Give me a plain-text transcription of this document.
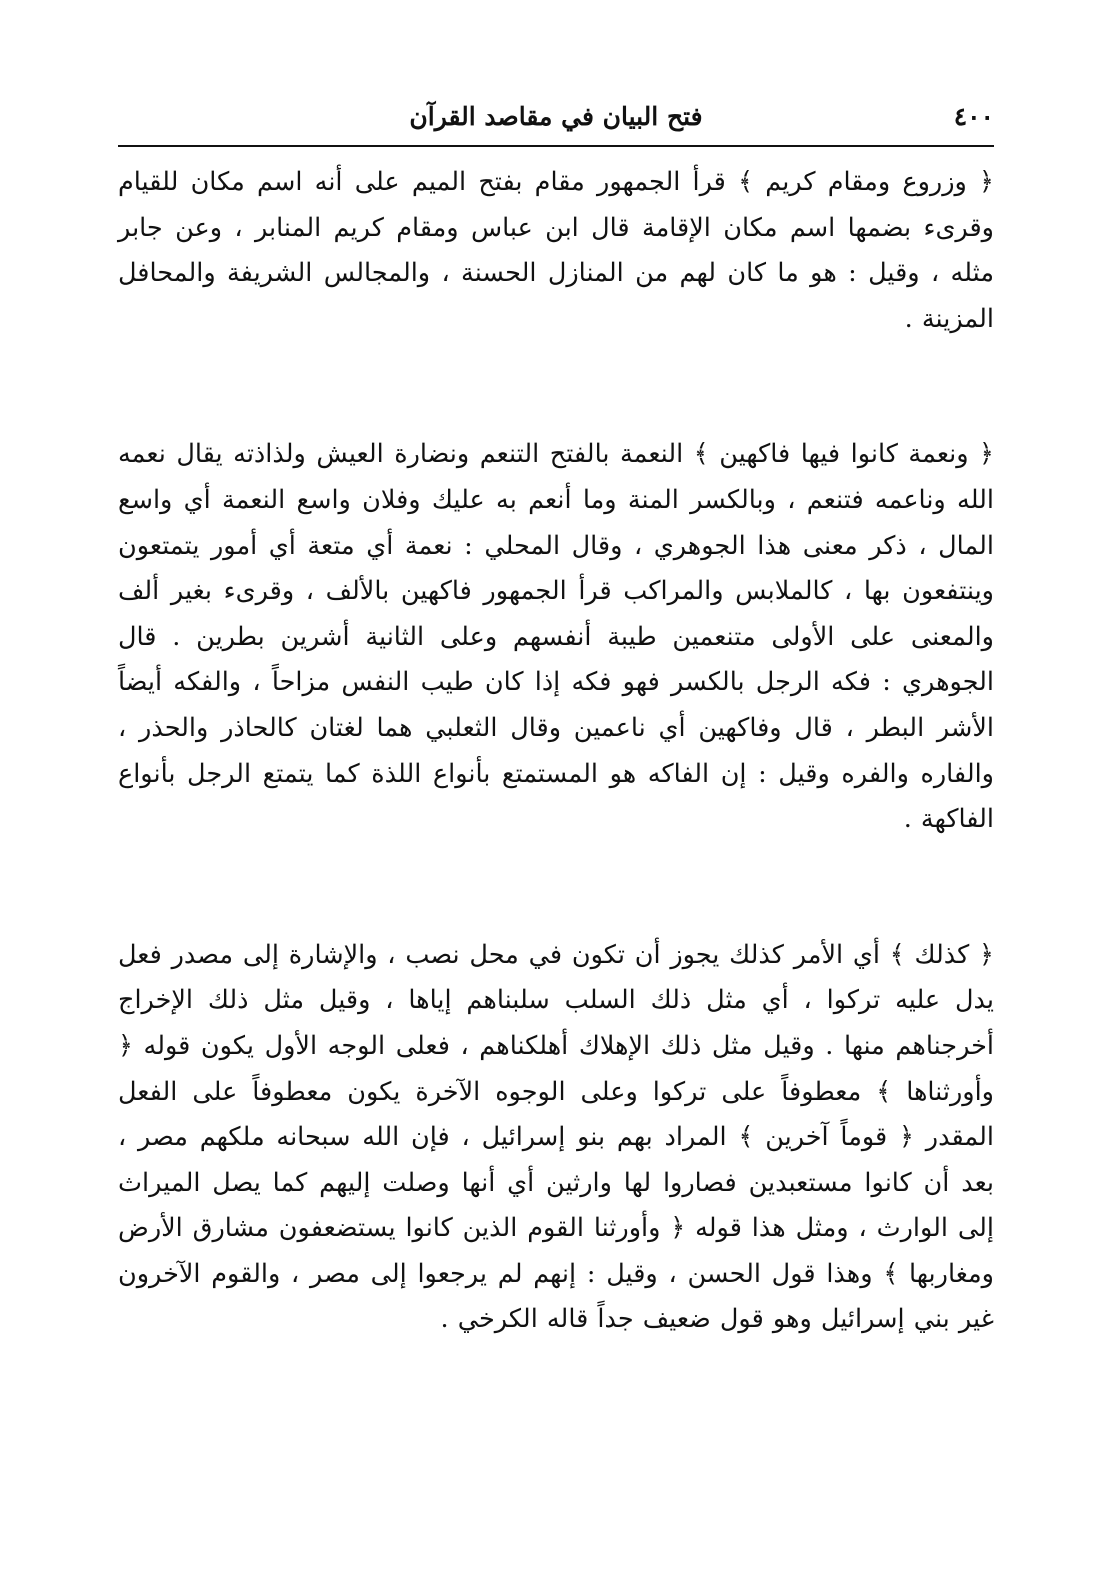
٤٠٠
فتح البيان في مقاصد القرآن

﴿ وزروع ومقام كريم ﴾ قرأ الجمهور مقام بفتح الميم على أنه اسم مكان للقيام وقرىء بضمها اسم مكان الإقامة قال ابن عباس ومقام كريم المنابر ، وعن جابر مثله ، وقيل : هو ما كان لهم من المنازل الحسنة ، والمجالس الشريفة والمحافل المزينة .

﴿ ونعمة كانوا فيها فاكهين ﴾ النعمة بالفتح التنعم ونضارة العيش ولذاذته يقال نعمه الله وناعمه فتنعم ، وبالكسر المنة وما أنعم به عليك وفلان واسع النعمة أي واسع المال ، ذكر معنى هذا الجوهري ، وقال المحلي : نعمة أي متعة أي أمور يتمتعون وينتفعون بها ، كالملابس والمراكب قرأ الجمهور فاكهين بالألف ، وقرىء بغير ألف والمعنى على الأولى متنعمين طيبة أنفسهم وعلى الثانية أشرين بطرين . قال الجوهري : فكه الرجل بالكسر فهو فكه إذا كان طيب النفس مزاحاً ، والفكه أيضاً الأشر البطر ، قال وفاكهين أي ناعمين وقال الثعلبي هما لغتان كالحاذر والحذر ، والفاره والفره وقيل : إن الفاكه هو المستمتع بأنواع اللذة كما يتمتع الرجل بأنواع الفاكهة .

﴿ كذلك ﴾ أي الأمر كذلك يجوز أن تكون في محل نصب ، والإشارة إلى مصدر فعل يدل عليه تركوا ، أي مثل ذلك السلب سلبناهم إياها ، وقيل مثل ذلك الإخراج أخرجناهم منها . وقيل مثل ذلك الإهلاك أهلكناهم ، فعلى الوجه الأول يكون قوله ﴿ وأورثناها ﴾ معطوفاً على تركوا وعلى الوجوه الآخرة يكون معطوفاً على الفعل المقدر ﴿ قوماً آخرين ﴾ المراد بهم بنو إسرائيل ، فإن الله سبحانه ملكهم مصر ، بعد أن كانوا مستعبدين فصاروا لها وارثين أي أنها وصلت إليهم كما يصل الميراث إلى الوارث ، ومثل هذا قوله ﴿ وأورثنا القوم الذين كانوا يستضعفون مشارق الأرض ومغاربها ﴾ وهذا قول الحسن ، وقيل : إنهم لم يرجعوا إلى مصر ، والقوم الآخرون غير بني إسرائيل وهو قول ضعيف جداً قاله الكرخي .
